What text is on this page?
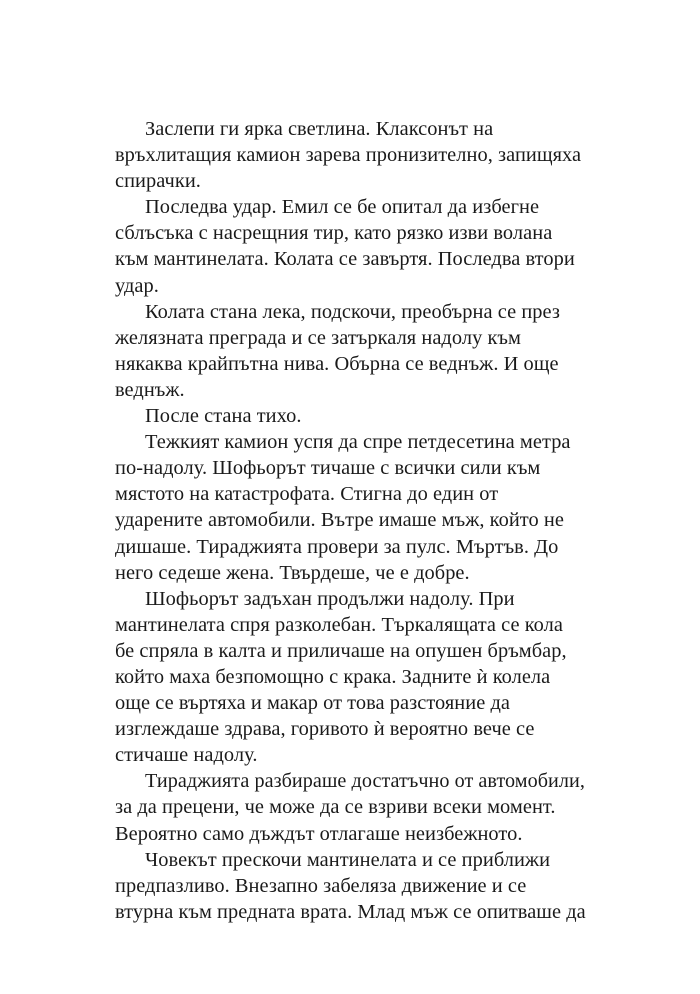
Заслепи ги ярка светлина. Клаксонът на
връхлитащия камион зарева пронизително, запищяха
спирачки.
Последва удар. Емил се бе опитал да избегне
сблъсъка с насрещния тир, като рязко изви волана
към мантинелата. Колата се завъртя. Последва втори
удар.
Колата стана лека, подскочи, преобърна се през
желязната преграда и се затъркаля надолу към
някаква крайпътна нива. Обърна се веднъж. И още
веднъж.
После стана тихо.
Тежкият камион успя да спре петдесетина метра
по-надолу. Шофьорът тичаше с всички сили към
мястото на катастрофата. Стигна до един от
ударените автомобили. Вътре имаше мъж, който не
дишаше. Тираджията провери за пулс. Мъртъв. До
него седеше жена. Твърдеше, че е добре.
Шофьорът задъхан продължи надолу. При
мантинелата спря разколебан. Търкалящата се кола
бе спряла в калта и приличаше на опушен бръмбар,
който маха безпомощно с крака. Задните ѝ колела
още се въртяха и макар от това разстояние да
изглеждаше здрава, горивото ѝ вероятно вече се
стичаше надолу.
Тираджията разбираше достатъчно от автомобили,
за да прецени, че може да се взриви всеки момент.
Вероятно само дъждът отлагаше неизбежното.
Човекът прескочи мантинелата и се приближи
предпазливо. Внезапно забеляза движение и се
втурна към предната врата. Млад мъж се опитваше да
